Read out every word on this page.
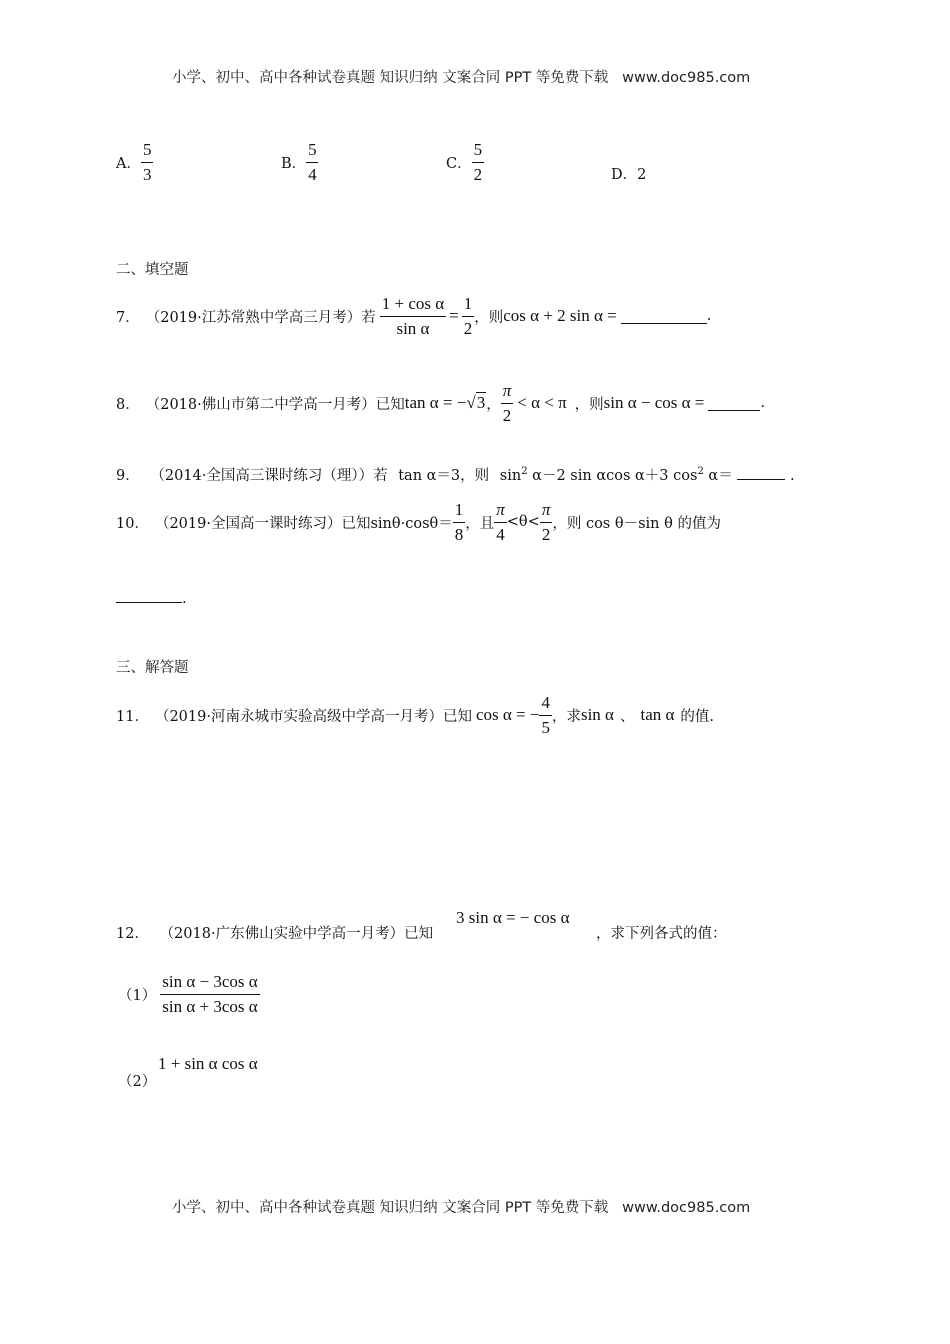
小学、初中、高中各种试卷真题 知识归纳 文案合同 PPT 等免费下载 www.doc985.com
A． $\frac{5}{3}$	B． $\frac{5}{4}$	C． $\frac{5}{2}$	D．2
二、填空题
7． （2019·江苏常熟中学高三月考）若 $\frac{\text{1 + cos α}}{\text{sin α}} = \frac{1}{2}$ ，则 cos α + 2 sin α =	.
8． （2018·佛山市第二中学高一月考）已知 tan α = − √3 ， $\frac{\pi}{2} < \alpha < \pi$ ，则 sin α − cos α =	.
9． （2014·全国高三课时练习（理））若 tan α＝3，则 $\sin^2 \alpha-2$ sin αcos α＋3 $\cos^2 \alpha=$	.
10． （2019·全国高一课时练习）已知 $\sin\theta\cdot\cos\theta= \frac{1}{8}$ ，且 $\frac{\pi}{4} <\theta< \frac{\pi}{2}$ ，则 cos θ－sin θ 的值为
.
三、解答题
11． （2019·河南永城市实验高级中学高一月考）已知 cos α = − $\frac{4}{5}$ ，求 sin α 、 tan α 的值.
12． （2018·广东佛山实验中学高一月考）已知
3 sin α = − cos α
，求下列各式的值：
$(1) \frac{\text{sin α − 3cos α}}{\text{sin α + 3cos α}}$
（2）
1 + sin α cos α
小学、初中、高中各种试卷真题 知识归纳 文案合同 PPT 等免费下载 www.doc985.com
